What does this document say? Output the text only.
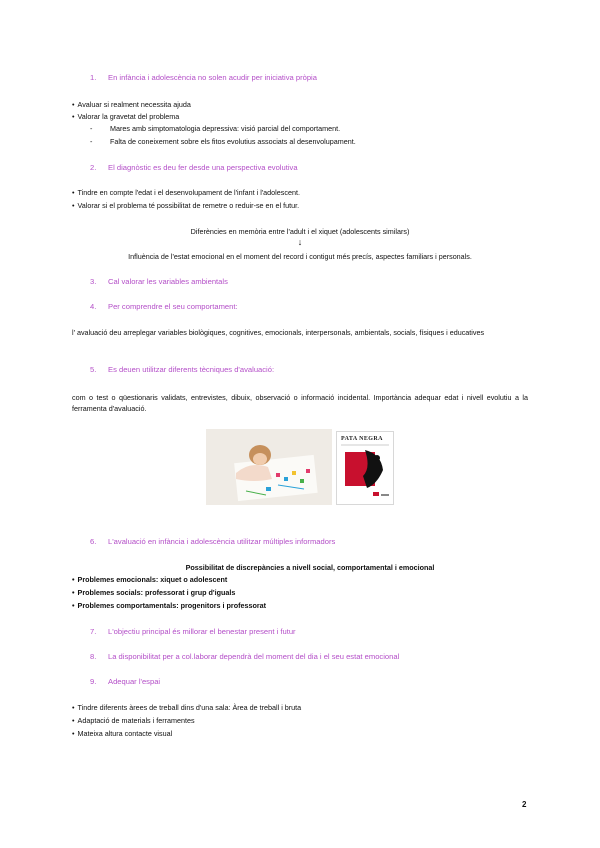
1. En infància i adolescència no solen acudir per iniciativa pròpia
• Avaluar si realment necessita ajuda
• Valorar la gravetat del problema
- Mares amb simptomatologia depressiva: visió parcial del comportament.
- Falta de coneixement sobre els fitos evolutius associats al desenvolupament.
2. El diagnòstic es deu fer desde una perspectiva evolutiva
• Tindre en compte l'edat i el desenvolupament de l'infant i l'adolescent.
• Valorar si el problema té possibilitat de remetre o reduir-se en el futur.
Diferències en memòria entre l'adult i el xiquet (adolescents similars)
↓
Influència de l'estat emocional en el moment del record i contigut més precís, aspectes familiars i personals.
3. Cal valorar les variables ambientals
4. Per comprendre el seu comportament:
l' avaluació deu arreplegar variables biològiques, cognitives, emocionals, interpersonals, ambientals, socials, físiques i educatives
5. Es deuen utilitzar diferents tècniques d'avaluació:
com o test o qüestionaris validats, entrevistes, dibuix, observació o informació incidental. Importància adequar edat i nivell evolutiu a la ferramenta d'avaluació.
PATA NEGRA
6. L'avaluació en infància i adolescència utilitzar múltiples informadors
Possibilitat de discrepàncies a nivell social, comportamental i emocional
• Problemes emocionals: xiquet o adolescent
• Problemes socials: professorat i grup d'iguals
• Problemes comportamentals: progenitors i professorat
7. L'objectiu principal és millorar el benestar present i futur
8. La disponibilitat per a col.laborar dependrà del moment del dia i el seu estat emocional
9. Adequar l'espai
• Tindre diferents àrees de treball dins d'una sala: Àrea de treball i bruta
• Adaptació de materials i ferramentes
• Mateixa altura contacte visual
2
